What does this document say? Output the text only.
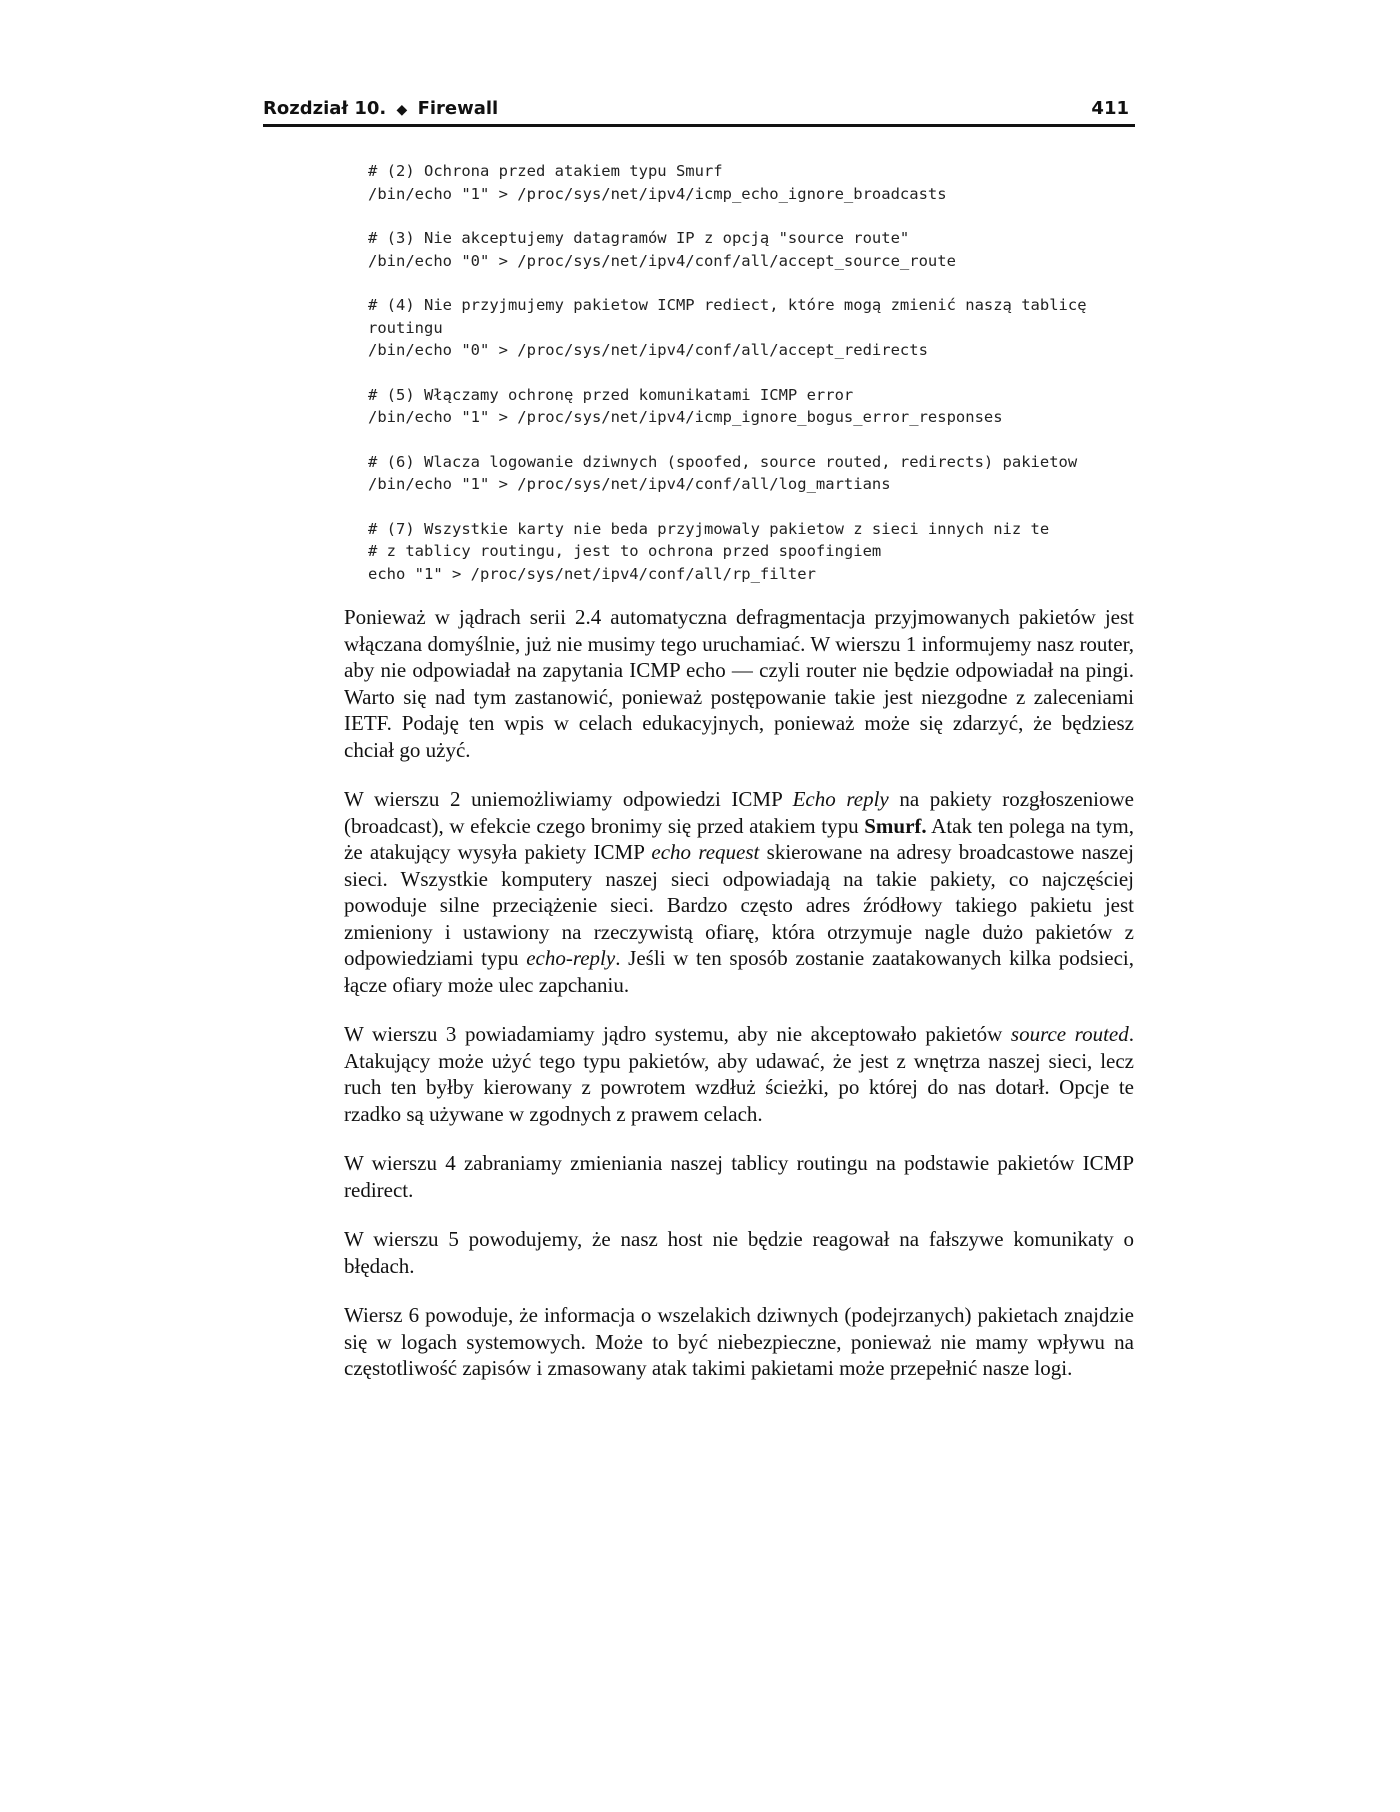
Rozdział 10. ◆ Firewall	411
# (2) Ochrona przed atakiem typu Smurf
/bin/echo "1" > /proc/sys/net/ipv4/icmp_echo_ignore_broadcasts
# (3) Nie akceptujemy datagramów IP z opcją "source route"
/bin/echo "0" > /proc/sys/net/ipv4/conf/all/accept_source_route
# (4) Nie przyjmujemy pakietow ICMP rediect, które mogą zmienić naszą tablicę
routingu
/bin/echo "0" > /proc/sys/net/ipv4/conf/all/accept_redirects
# (5) Włączamy ochronę przed komunikatami ICMP error
/bin/echo "1" > /proc/sys/net/ipv4/icmp_ignore_bogus_error_responses
# (6) Wlacza logowanie dziwnych (spoofed, source routed, redirects) pakietow
/bin/echo "1" > /proc/sys/net/ipv4/conf/all/log_martians
# (7) Wszystkie karty nie beda przyjmowaly pakietow z sieci innych niz te
# z tablicy routingu, jest to ochrona przed spoofingiem
echo "1" > /proc/sys/net/ipv4/conf/all/rp_filter

Ponieważ w jądrach serii 2.4 automatyczna defragmentacja przyjmowanych pakietów jest włączana domyślnie, już nie musimy tego uruchamiać. W wierszu 1 informujemy nasz router, aby nie odpowiadał na zapytania ICMP echo — czyli router nie będzie odpowiadał na pingi. Warto się nad tym zastanowić, ponieważ postępowanie takie jest niezgodne z zaleceniami IETF. Podaję ten wpis w celach edukacyjnych, ponieważ może się zdarzyć, że będziesz chciał go użyć.

W wierszu 2 uniemożliwiamy odpowiedzi ICMP Echo reply na pakiety rozgłoszeniowe (broadcast), w efekcie czego bronimy się przed atakiem typu Smurf. Atak ten polega na tym, że atakujący wysyła pakiety ICMP echo request skierowane na adresy broadcastowe naszej sieci. Wszystkie komputery naszej sieci odpowiadają na takie pakiety, co najczęściej powoduje silne przeciążenie sieci. Bardzo często adres źródłowy takiego pakietu jest zmieniony i ustawiony na rzeczywistą ofiarę, która otrzymuje nagle dużo pakietów z odpowiedziami typu echo-reply. Jeśli w ten sposób zostanie zaatakowanych kilka podsieci, łącze ofiary może ulec zapchaniu.

W wierszu 3 powiadamiamy jądro systemu, aby nie akceptowało pakietów source routed. Atakujący może użyć tego typu pakietów, aby udawać, że jest z wnętrza naszej sieci, lecz ruch ten byłby kierowany z powrotem wzdłuż ścieżki, po której do nas dotarł. Opcje te rzadko są używane w zgodnych z prawem celach.

W wierszu 4 zabraniamy zmieniania naszej tablicy routingu na podstawie pakietów ICMP redirect.

W wierszu 5 powodujemy, że nasz host nie będzie reagował na fałszywe komunikaty o błędach.

Wiersz 6 powoduje, że informacja o wszelakich dziwnych (podejrzanych) pakietach znajdzie się w logach systemowych. Może to być niebezpieczne, ponieważ nie mamy wpływu na częstotliwość zapisów i zmasowany atak takimi pakietami może przepełnić nasze logi.
